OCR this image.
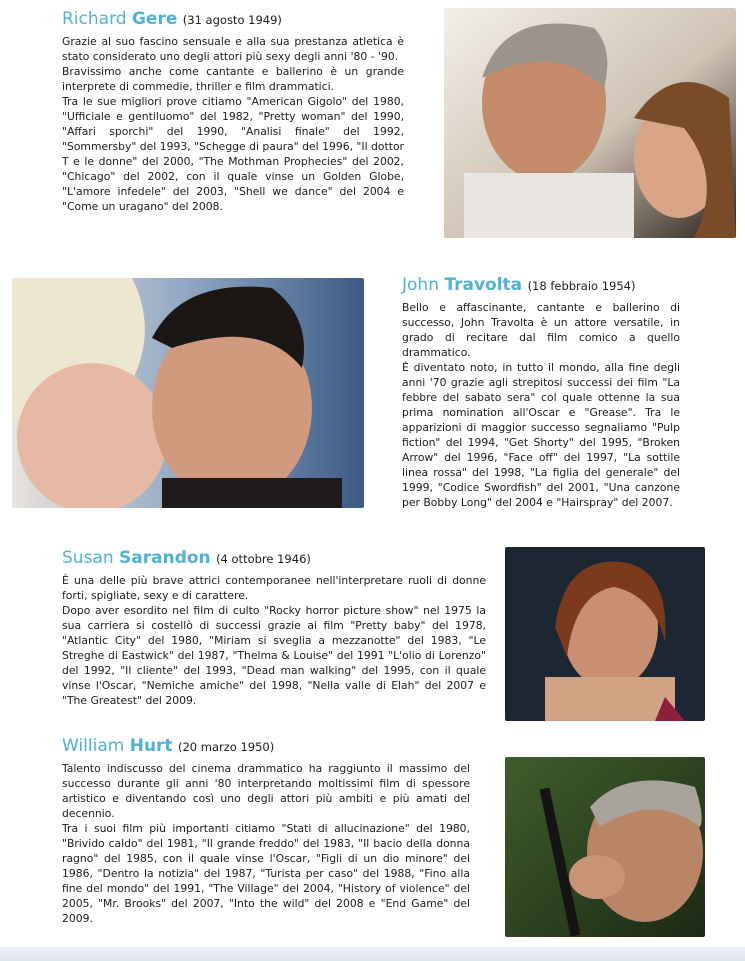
Richard Gere (31 agosto 1949)

Grazie al suo fascino sensuale e alla sua prestanza atletica è stato considerato uno degli attori più sexy degli anni '80 - '90.

Bravissimo anche come cantante e ballerino è un grande interprete di commedie, thriller e film drammatici.

Tra le sue migliori prove citiamo "American Gigolo" del 1980, "Ufficiale e gentiluomo" del 1982, "Pretty woman" del 1990, "Affari sporchi" del 1990, "Analisi finale" del 1992, "Sommersby" del 1993, "Schegge di paura" del 1996, "Il dottor T e le donne" del 2000, "The Mothman Prophecies" del 2002, "Chicago" del 2002, con il quale vinse un Golden Globe, "L'amore infedele" del 2003, "Shell we dance" del 2004 e "Come un uragano" del 2008.

John Travolta (18 febbraio 1954)

Bello e affascinante, cantante e ballerino di successo, John Travolta è un attore versatile, in grado di recitare dal film comico a quello drammatico.

È diventato noto, in tutto il mondo, alla fine degli anni '70 grazie agli strepitosi successi dei film "La febbre del sabato sera" col quale ottenne la sua prima nomination all'Oscar e "Grease". Tra le apparizioni di maggior successo segnaliamo "Pulp fiction" del 1994, "Get Shorty" del 1995, "Broken Arrow" del 1996, "Face off" del 1997, "La sottile linea rossa" del 1998, "La figlia del generale" del 1999, "Codice Swordfish" del 2001, "Una canzone per Bobby Long" del 2004 e "Hairspray" del 2007.

Susan Sarandon (4 ottobre 1946)

È una delle più brave attrici contemporanee nell'interpretare ruoli di donne forti, spigliate, sexy e di carattere.

Dopo aver esordito nel film di culto "Rocky horror picture show" nel 1975 la sua carriera si costellò di successi grazie ai film "Pretty baby" del 1978, "Atlantic City" del 1980, "Miriam si sveglia a mezzanotte" del 1983, "Le Streghe di Eastwick" del 1987, "Thelma & Louise" del 1991 "L'olio di Lorenzo" del 1992, "Il cliente" del 1993, "Dead man walking" del 1995, con il quale vinse l'Oscar, "Nemiche amiche" del 1998, "Nella valle di Elah" del 2007 e "The Greatest" del 2009.

William Hurt (20 marzo 1950)

Talento indiscusso del cinema drammatico ha raggiunto il massimo del successo durante gli anni '80 interpretando moltissimi film di spessore artistico e diventando così uno degli attori più ambiti e più amati del decennio.

Tra i suoi film più importanti citiamo "Stati di allucinazione" del 1980, "Brivido caldo" del 1981, "Il grande freddo" del 1983, "Il bacio della donna ragno" del 1985, con il quale vinse l'Oscar, "Figli di un dio minore" del 1986, "Dentro la notizia" del 1987, "Turista per caso" del 1988, "Fino alla fine del mondo" del 1991, "The Village" del 2004, "History of violence" del 2005, "Mr. Brooks" del 2007, "Into the wild" del 2008 e "End Game" del 2009.
